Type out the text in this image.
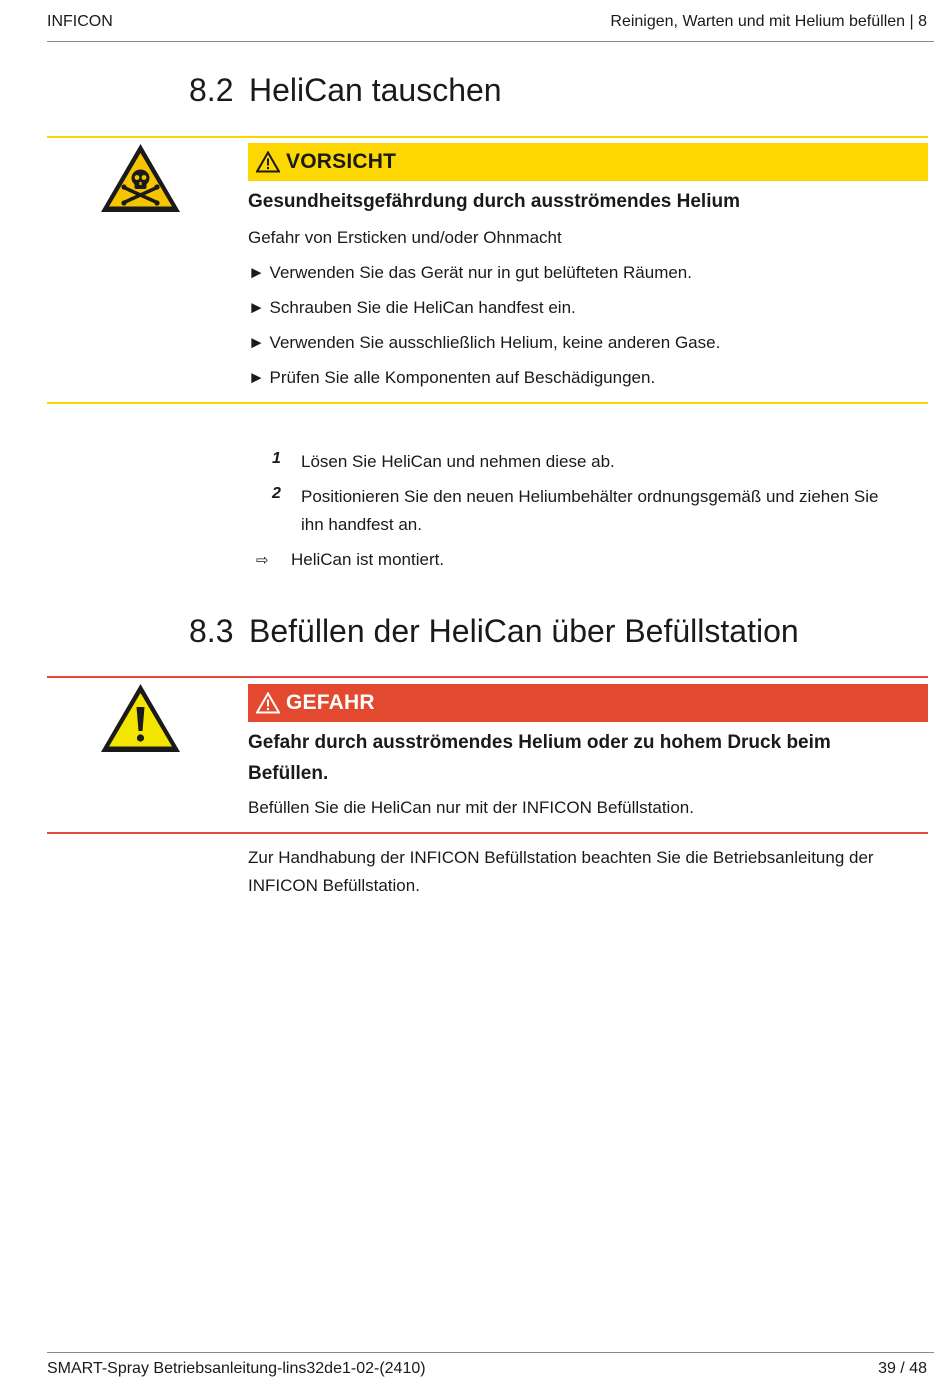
INFICON	Reinigen, Warten und mit Helium befüllen | 8
8.2 HeliCan tauschen
VORSICHT
Gesundheitsgefährdung durch ausströmendes Helium
Gefahr von Ersticken und/oder Ohnmacht
► Verwenden Sie das Gerät nur in gut belüfteten Räumen.
► Schrauben Sie die HeliCan handfest ein.
► Verwenden Sie ausschließlich Helium, keine anderen Gase.
► Prüfen Sie alle Komponenten auf Beschädigungen.
1 Lösen Sie HeliCan und nehmen diese ab.
2 Positionieren Sie den neuen Heliumbehälter ordnungsgemäß und ziehen Sie
ihn handfest an.
⇨ HeliCan ist montiert.
8.3 Befüllen der HeliCan über Befüllstation
GEFAHR
Gefahr durch ausströmendes Helium oder zu hohem Druck beim
Befüllen.
Befüllen Sie die HeliCan nur mit der INFICON Befüllstation.
Zur Handhabung der INFICON Befüllstation beachten Sie die Betriebsanleitung der
INFICON Befüllstation.
SMART-Spray Betriebsanleitung-lins32de1-02-(2410)	39 / 48
